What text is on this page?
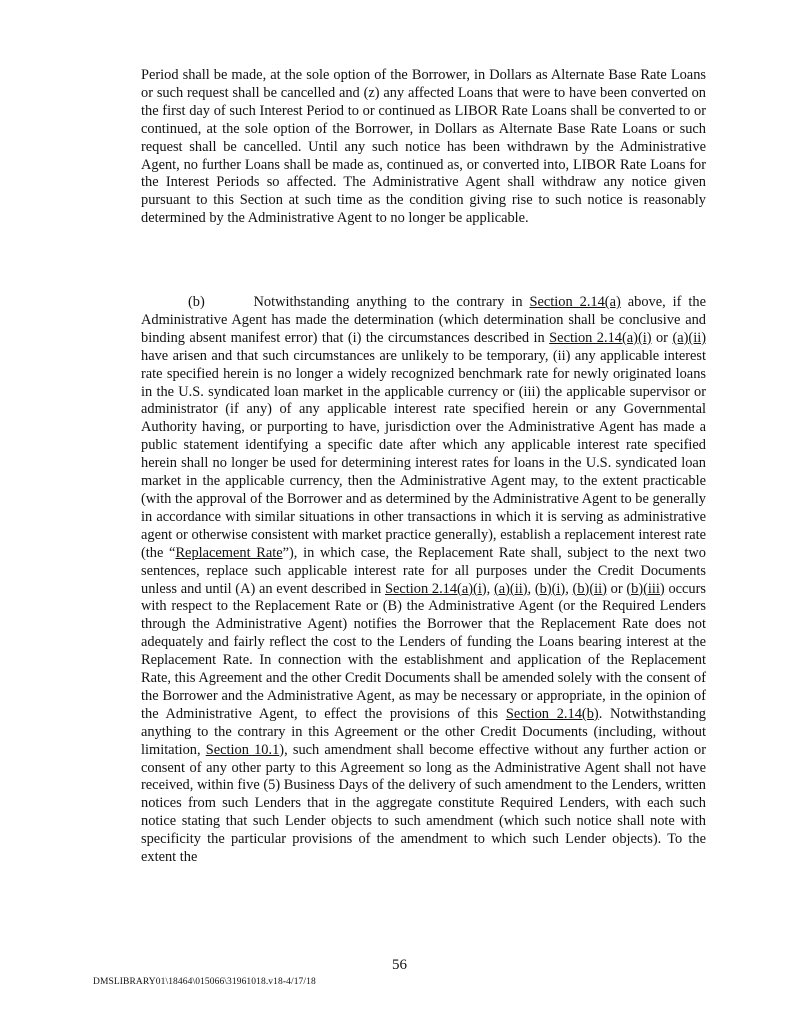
Period shall be made, at the sole option of the Borrower, in Dollars as Alternate Base Rate Loans or such request shall be cancelled and (z) any affected Loans that were to have been converted on the first day of such Interest Period to or continued as LIBOR Rate Loans shall be converted to or continued, at the sole option of the Borrower, in Dollars as Alternate Base Rate Loans or such request shall be cancelled. Until any such notice has been withdrawn by the Administrative Agent, no further Loans shall be made as, continued as, or converted into, LIBOR Rate Loans for the Interest Periods so affected. The Administrative Agent shall withdraw any notice given pursuant to this Section at such time as the condition giving rise to such notice is reasonably determined by the Administrative Agent to no longer be applicable.

(b)       Notwithstanding anything to the contrary in Section 2.14(a) above, if the Administrative Agent has made the determination (which determination shall be conclusive and binding absent manifest error) that (i) the circumstances described in Section 2.14(a)(i) or (a)(ii) have arisen and that such circumstances are unlikely to be temporary, (ii) any applicable interest rate specified herein is no longer a widely recognized benchmark rate for newly originated loans in the U.S. syndicated loan market in the applicable currency or (iii) the applicable supervisor or administrator (if any) of any applicable interest rate specified herein or any Governmental Authority having, or purporting to have, jurisdiction over the Administrative Agent has made a public statement identifying a specific date after which any applicable interest rate specified herein shall no longer be used for determining interest rates for loans in the U.S. syndicated loan market in the applicable currency, then the Administrative Agent may, to the extent practicable (with the approval of the Borrower and as determined by the Administrative Agent to be generally in accordance with similar situations in other transactions in which it is serving as administrative agent or otherwise consistent with market practice generally), establish a replacement interest rate (the “Replacement Rate”), in which case, the Replacement Rate shall, subject to the next two sentences, replace such applicable interest rate for all purposes under the Credit Documents unless and until (A) an event described in Section 2.14(a)(i), (a)(ii), (b)(i), (b)(ii) or (b)(iii) occurs with respect to the Replacement Rate or (B) the Administrative Agent (or the Required Lenders through the Administrative Agent) notifies the Borrower that the Replacement Rate does not adequately and fairly reflect the cost to the Lenders of funding the Loans bearing interest at the Replacement Rate. In connection with the establishment and application of the Replacement Rate, this Agreement and the other Credit Documents shall be amended solely with the consent of the Borrower and the Administrative Agent, as may be necessary or appropriate, in the opinion of the Administrative Agent, to effect the provisions of this Section 2.14(b). Notwithstanding anything to the contrary in this Agreement or the other Credit Documents (including, without limitation, Section 10.1), such amendment shall become effective without any further action or consent of any other party to this Agreement so long as the Administrative Agent shall not have received, within five (5) Business Days of the delivery of such amendment to the Lenders, written notices from such Lenders that in the aggregate constitute Required Lenders, with each such notice stating that such Lender objects to such amendment (which such notice shall note with specificity the particular provisions of the amendment to which such Lender objects). To the extent the

56
DMSLIBRARY01\18464\015066\31961018.v18-4/17/18
